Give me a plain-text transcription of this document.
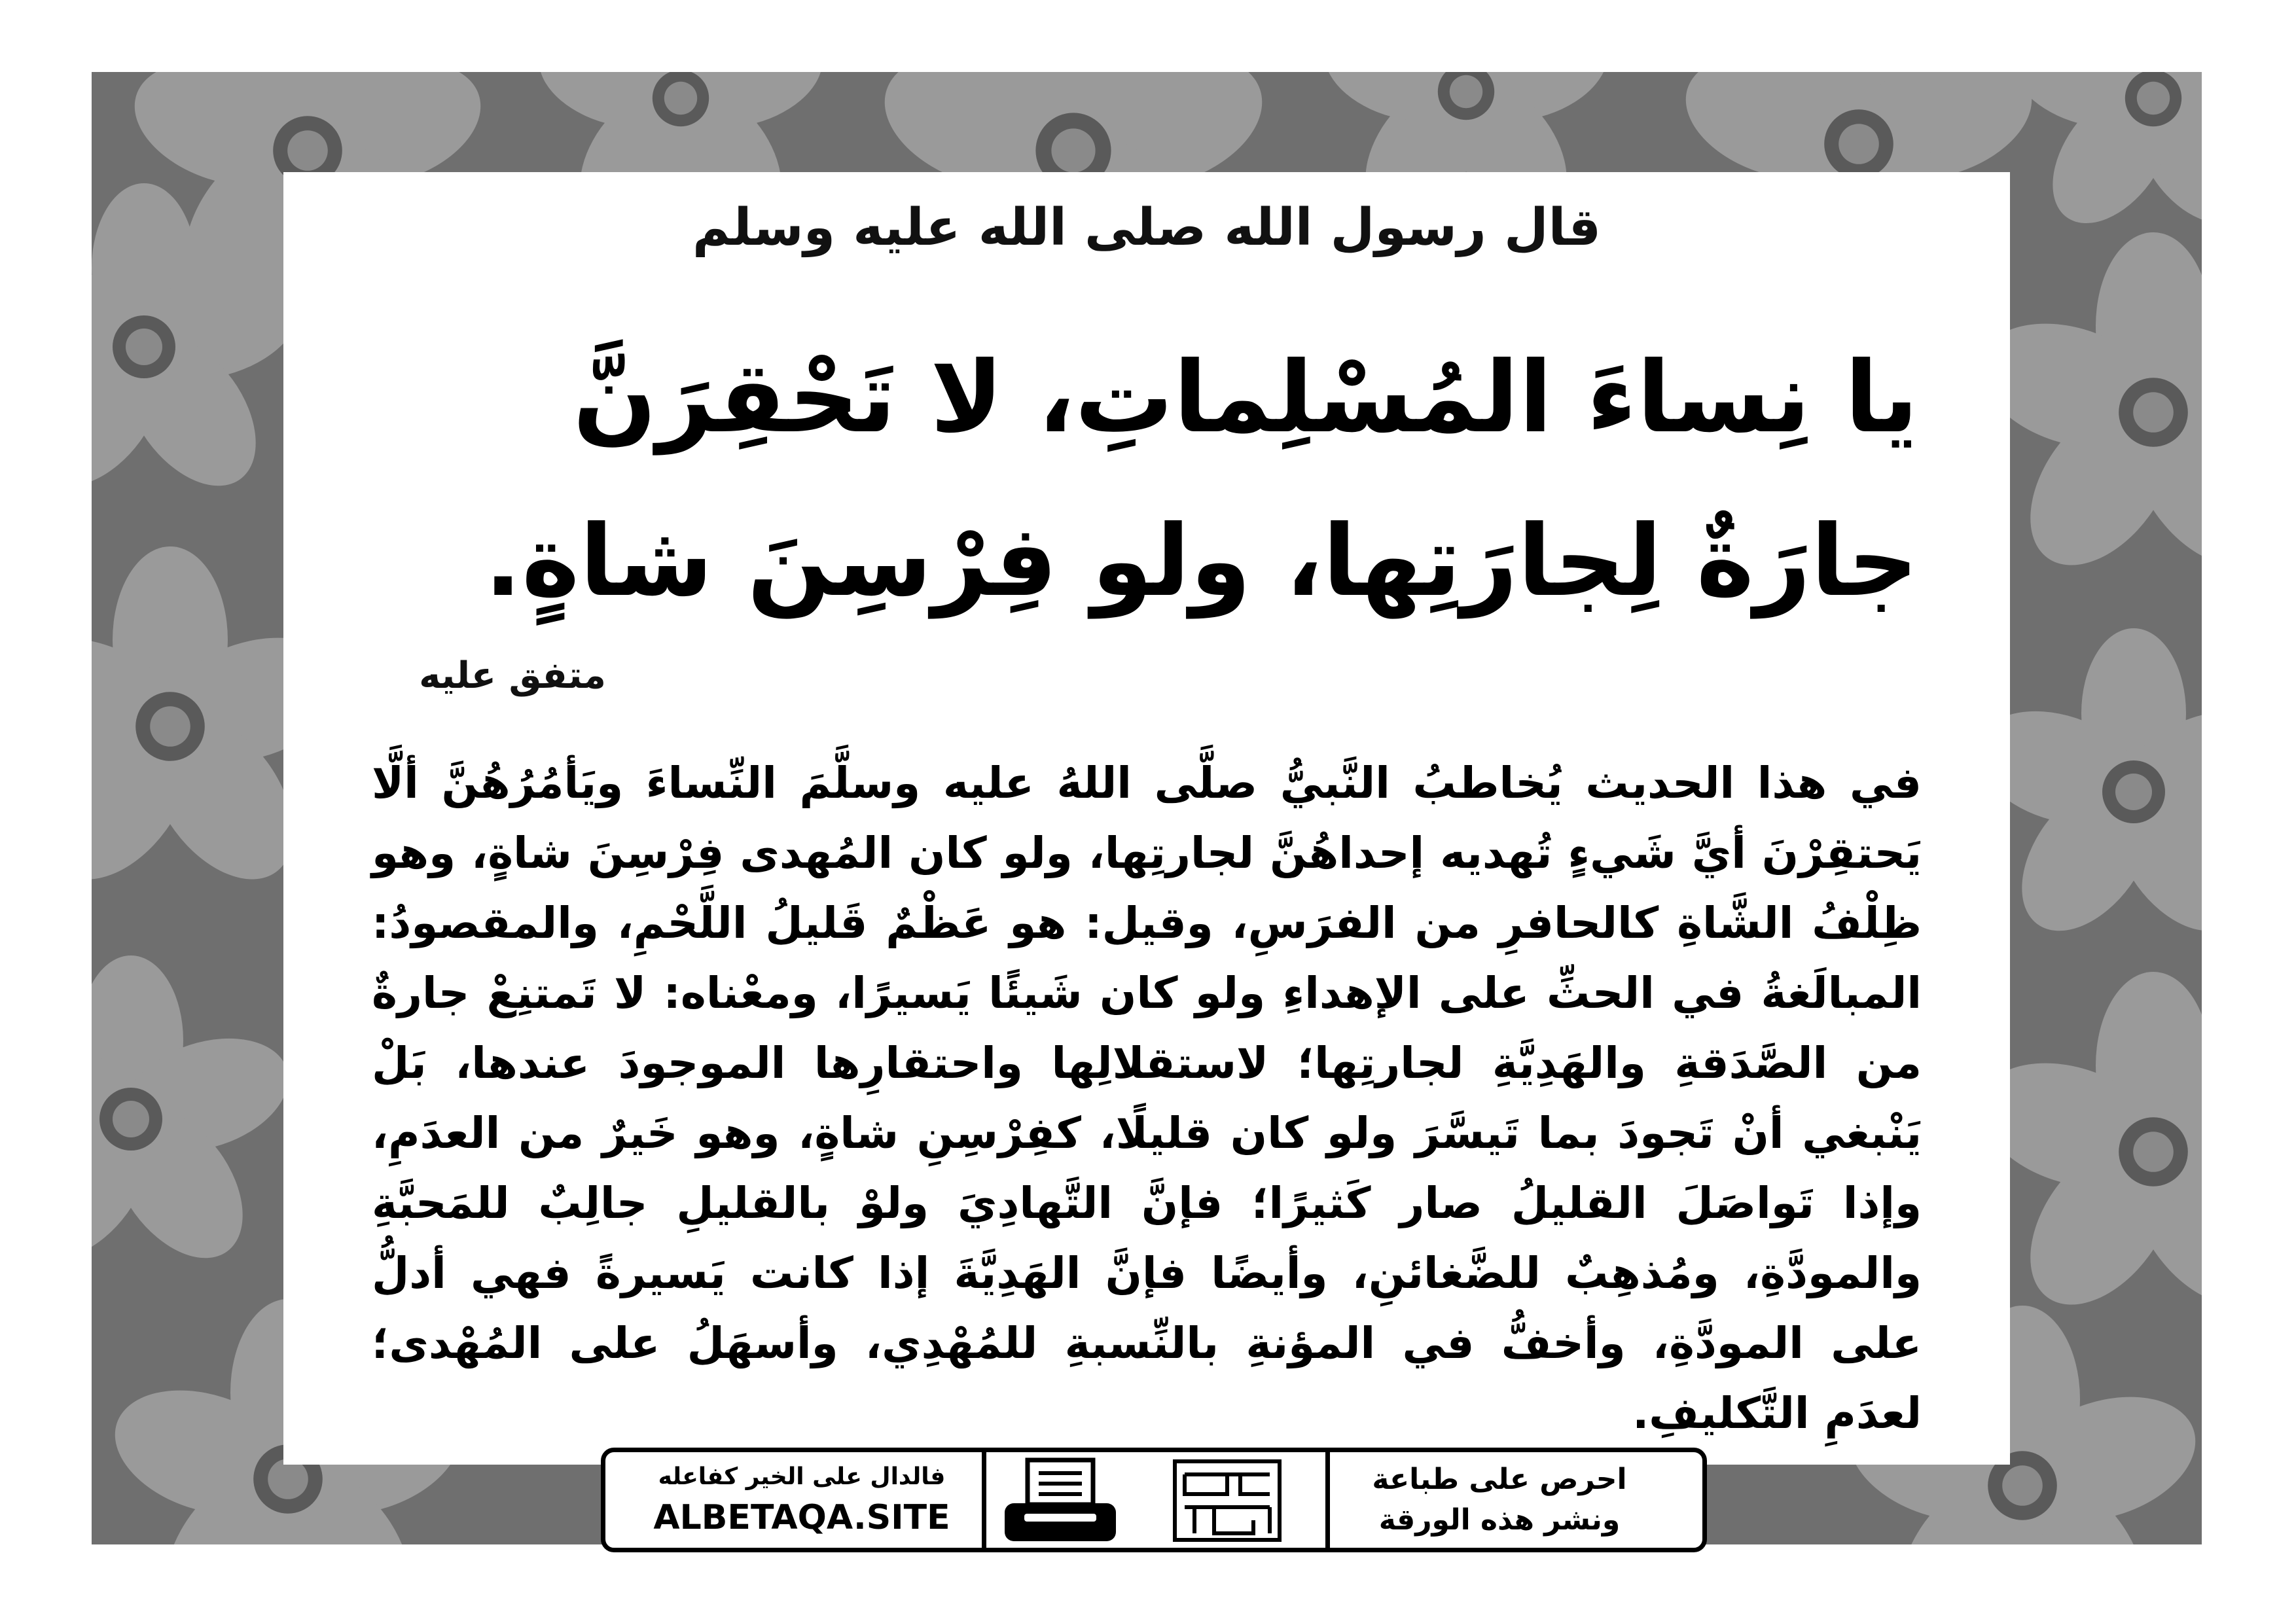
قال رسول الله صلى الله عليه وسلم
يا نِساءَ المُسْلِماتِ، لا تَحْقِرَنَّ جارَةٌ لِجارَتِها، ولو فِرْسِنَ شاةٍ.
متفق عليه
في هذا الحديث يُخاطبُ النَّبيُّ صلَّى اللهُ عليه وسلَّمَ النِّساءَ ويَأمُرُهُنَّ ألَّا يَحتقِرْنَ أيَّ شَيءٍ تُهديه إحداهُنَّ لجارتِها، ولو كان المُهدى فِرْسِنَ شاةٍ، وهو ظِلْفُ الشَّاةِ كالحافرِ من الفرَسِ، وقيل: هو عَظْمٌ قَليلُ اللَّحْمِ، والمقصودُ: المبالَغةُ في الحثِّ على الإهداءِ ولو كان شَيئًا يَسيرًا، ومعْناه: لا تَمتنِعْ جارةٌ من الصَّدَقةِ والهَدِيَّةِ لجارتِها؛ لاستقلالِها واحتقارِها الموجودَ عندها، بَلْ يَنْبغي أنْ تَجودَ بما تَيسَّرَ ولو كان قليلًا، كفِرْسِنِ شاةٍ، وهو خَيرٌ من العدَمِ، وإذا تَواصَلَ القليلُ صار كَثيرًا؛ فإنَّ التَّهادِيَ ولوْ بالقليلِ جالِبٌ للمَحبَّةِ والمودَّةِ، ومُذهِبٌ للضَّغائنِ، وأيضًا فإنَّ الهَدِيَّةَ إذا كانت يَسيرةً فهي أدلُّ على المودَّةِ، وأخفُّ في المؤنةِ بالنِّسبةِ للمُهْدِي، وأسهَلُ على المُهْدى؛ لعدَمِ التَّكليفِ.
احرص على طباعة
ونشر هذه الورقة
دعوية الورقة
فالدال على الخير كفاعله
ALBETAQA.SITE
